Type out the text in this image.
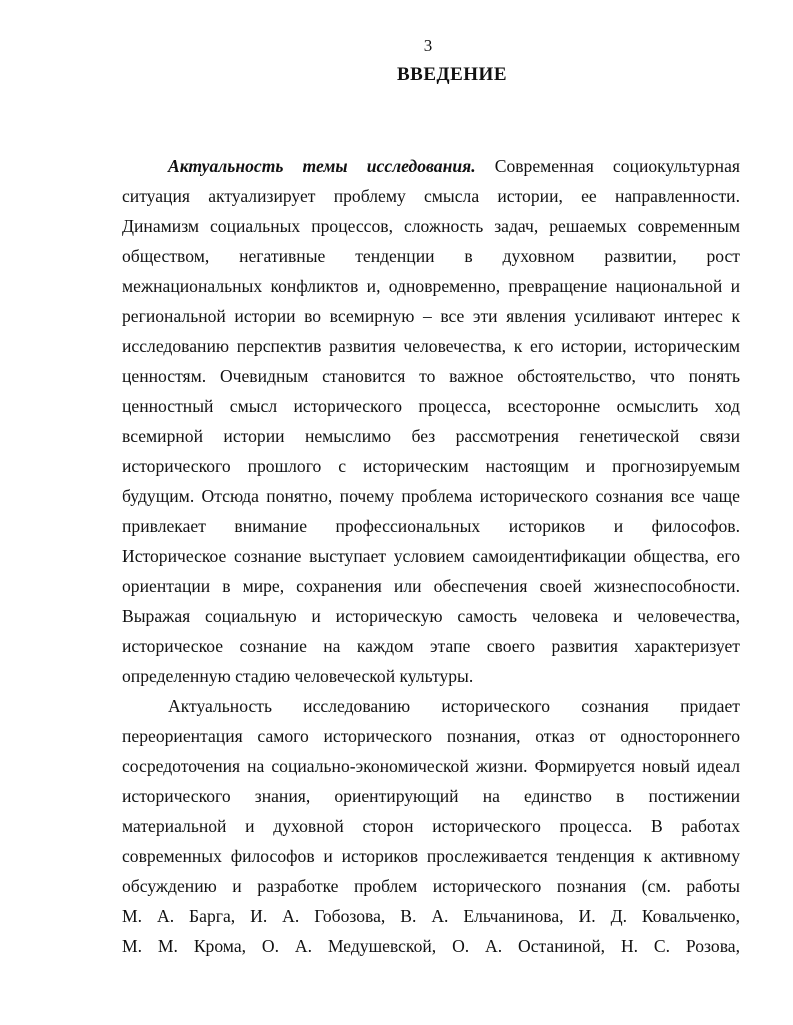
3
ВВЕДЕНИЕ
Актуальность темы исследования. Современная социокультурная
ситуация актуализирует проблему смысла истории, ее направленности.
Динамизм социальных процессов, сложность задач, решаемых современным
обществом, негативные тенденции в духовном развитии, рост
межнациональных конфликтов и, одновременно, превращение национальной и
региональной истории во всемирную – все эти явления усиливают интерес к
исследованию перспектив развития человечества, к его истории, историческим
ценностям. Очевидным становится то важное обстоятельство, что понять
ценностный смысл исторического процесса, всесторонне осмыслить ход
всемирной истории немыслимо без рассмотрения генетической связи
исторического прошлого с историческим настоящим и прогнозируемым
будущим. Отсюда понятно, почему проблема исторического сознания все чаще
привлекает внимание профессиональных историков и философов.
Историческое сознание выступает условием самоидентификации общества, его
ориентации в мире, сохранения или обеспечения своей жизнеспособности.
Выражая социальную и историческую самость человека и человечества,
историческое сознание на каждом этапе своего развития характеризует
определенную стадию человеческой культуры.
Актуальность исследованию исторического сознания придает
переориентация самого исторического познания, отказ от одностороннего
сосредоточения на социально-экономической жизни. Формируется новый идеал
исторического знания, ориентирующий на единство в постижении
материальной и духовной сторон исторического процесса. В работах
современных философов и историков прослеживается тенденция к активному
обсуждению и разработке проблем исторического познания (см. работы
М. А. Барга, И. А. Гобозова, В. А. Ельчанинова, И. Д. Ковальченко,
М. М. Крома, О. А. Медушевской, О. А. Останиной, Н. С. Розова,
